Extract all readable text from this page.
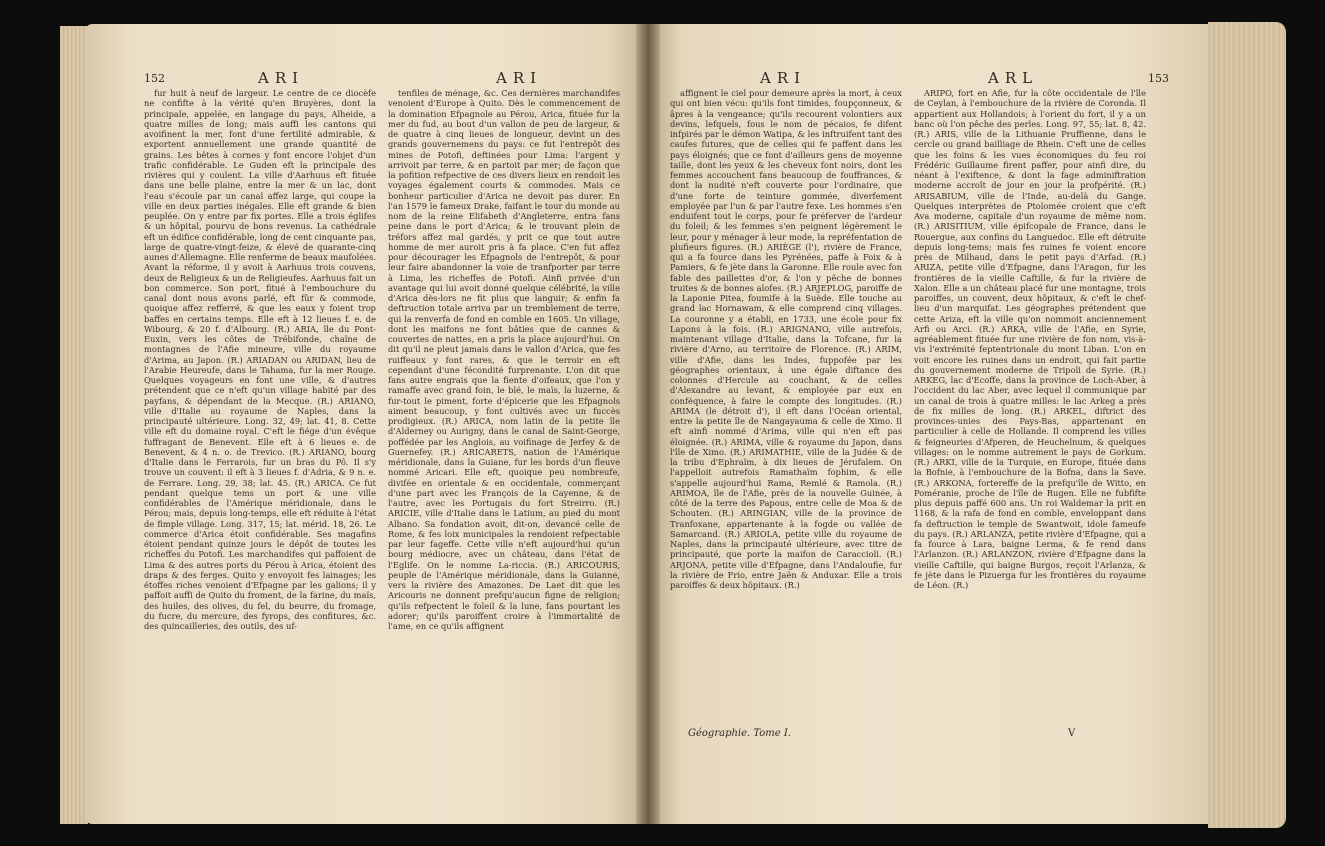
152	ARI	ARI

fur huit à neuf de largeur. Le centre de ce diocèfe ne confifte à la vérité qu'en Bruyères, dont la principale, appelée, en langage du pays, Alheide, a quatre milles de long; mais auffi les cantons qui avoifinent la mer, font d'une fertilité admirable, & exportent annuellement une grande quantité de grains. Les bêtes à cornes y font encore l'objet d'un trafic confidérable. Le Guden eft la principale des rivières qui y coulent. La ville d'Aarhuus eft fituée dans une belle plaine, entre la mer & un lac, dont l'eau s'écoule par un canal affez large, qui coupe la ville en deux parties inégales. Elle eft grande & bien peuplée. On y entre par fix portes. Elle a trois églifes & un hôpital, pourvu de bons revenus. La cathédrale eft un édifice confidérable, long de cent cinquante pas, large de quatre-vingt-feize, & élevé de quarante-cinq aunes d'Allemagne. Elle renferme de beaux maufolées. Avant la réforme, il y avoit à Aarhuus trois couvens, deux de Religieux & un de Religieufes. Aarhuus fait un bon commerce. Son port, fitué à l'embouchure du canal dont nous avons parlé, eft fûr & commode, quoique affez refferré, & que les eaux y foient trop baffes en certains temps. Elle eft à 12 lieues f. e. de Wibourg, & 20 f. d'Albourg. (R.) ARIA, île du Pont-Euxin, vers les côtes de Trébifonde, chaîne de montagnes de l'Afie mineure, ville du royaume d'Arima, au Japon. (R.) ARIADAN ou ARIDAN, lieu de l'Arabie Heureufe, dans le Tahama, fur la mer Rouge. Quelques voyageurs en font une ville, & d'autres prétendent que ce n'eft qu'un village habité par des payfans, & dépendant de la Mecque. (R.) ARIANO, ville d'Italie au royaume de Naples, dans la principauté ultérieure. Long. 32, 49; lat. 41, 8. Cette ville eft du domaine royal. C'eft le fiége d'un évêque fuffragant de Benevent. Elle eft à 6 lieues e. de Benevent, & 4 n. o. de Trevico. (R.) ARIANO, bourg d'Italie dans le Ferrarois, fur un bras du Pô. Il s'y trouve un couvent: il eft à 3 lieues f. d'Adria, & 9 n. e. de Ferrare. Long. 29, 38; lat. 45. (R.) ARICA. Ce fut pendant quelque tems un port & une ville confidérables de l'Amérique méridionale, dans le Pérou; mais, depuis long-temps, elle eft réduite à l'état de fimple village. Long. 317, 15; lat. mérid. 18, 26. Le commerce d'Arica étoit confidérable. Ses magafins étoient pendant quinze jours le dépôt de toutes les richeffes du Potofi. Les marchandifes qui paffoient de Lima & des autres ports du Pérou à Arica, étoient des draps & des ferges. Quito y envoyoit fes lainages; les étoffes riches venoient d'Efpagne par les galions; il y paffoit auffi de Quito du froment, de la farine, du maïs, des huiles, des olives, du fel, du beurre, du fromage, du fucre, du mercure, des fyrops, des confitures, &c. des quincailleries, des outils, des uf-

tenfiles de ménage, &c. Ces dernières marchandifes venoient d'Europe à Quito. Dès le commencement de la domination Efpagnole au Pérou, Arica, fituée fur la mer du fud, au bout d'un vallon de peu de largeur, & de quatre à cinq lieues de longueur, devint un des grands gouvernemens du pays: ce fut l'entrepôt des mines de Potofi, deftinées pour Lima: l'argent y arrivoit par terre, & en partoit par mer; de façon que la pofition refpective de ces divers lieux en rendoit les voyages également courts & commodes. Mais ce bonheur particulier d'Arica ne devoit pas durer. En l'an 1579 le fameux Drake, faifant le tour du monde au nom de la reine Elifabeth d'Angleterre, entra fans peine dans le port d'Arica; & le trouvant plein de tréfors affez mal gardés, y prit ce que tout autre homme de mer auroit pris à fa place. C'en fut affez pour décourager les Efpagnols de l'entrepôt, & pour leur faire abandonner la voie de tranfporter par terre à Lima, les richeffes de Potofi. Ainfi privée d'un avantage qui lui avoit donné quelque célébrité, la ville d'Arica dès-lors ne fit plus que languir; & enfin fa deftruction totale arriva par un tremblement de terre, qui la renverfa de fond en comble en 1605. Un village, dont les maifons ne font bâties que de cannes & couvertes de nattes, en a pris la place aujourd'hui. On dit qu'il ne pleut jamais dans le vallon d'Arica, que fes ruiffeaux y font rares, & que le terroir en eft cependant d'une fécondité furprenante. L'on dit que fans autre engrais que la fiente d'oifeaux, que l'on y ramaffe avec grand foin, le blé, le maïs, la luzerne, & fur-tout le piment, forte d'épicerie que les Efpagnols aiment beaucoup, y font cultivés avec un fuccès prodigieux. (R.) ARICA, nom latin de la petite île d'Alderney ou Aurigny, dans le canal de Saint-George, poffédée par les Anglois, au voifinage de Jerfey & de Guernefey. (R.) ARICARETS, nation de l'Amérique méridionale, dans la Guiane, fur les bords d'un fleuve nommé Aricari. Elle eft, quoique peu nombreufe, divifée en orientale & en occidentale, commerçant d'une part avec les François de la Cayenne, & de l'autre, avec les Portugais du fort Streirro. (R.) ARICIE, ville d'Italie dans le Latium, au pied du mont Albano. Sa fondation avoit, dit-on, devancé celle de Rome, & fes loix municipales la rendoient refpectable par leur fageffe. Cette ville n'eft aujourd'hui qu'un bourg médiocre, avec un château, dans l'état de l'Eglife. On le nomme La-riccia. (R.) ARICOURIS, peuple de l'Amérique méridionale, dans la Guianne, vers la rivière des Amazones. De Laet dit que les Aricouris ne donnent prefqu'aucun figne de religion; qu'ils refpectent le foleil & la lune, fans pourtant les adorer; qu'ils paroiffent croire à l'immortalité de l'ame, en ce qu'ils affignent

ARI	ARL	153

affignent le ciel pour demeure après la mort, à ceux qui ont bien vécu: qu'ils font timides, foupçonneux, & âpres à la vengeance; qu'ils recourent volontiers aux devins, lefquels, fous le nom de pécaios, fe difent infpirés par le démon Watipa, & les inftruifent tant des caufes futures, que de celles qui fe paffent dans les pays éloignés; que ce font d'ailleurs gens de moyenne taille, dont les yeux & les cheveux font noirs, dont les femmes accouchent fans beaucoup de fouffrances, & dont la nudité n'eft couverte pour l'ordinaire, que d'une forte de teinture gommée, diverfement employée par l'un & par l'autre fexe. Les hommes s'en enduifent tout le corps, pour fe préferver de l'ardeur du foleil; & les femmes s'en peignent légèrement le leur, pour y ménager à leur mode, la repréfentation de plufieurs figures. (R.) ARIÈGE (l'), rivière de France, qui a fa fource dans les Pyrénées, paffe à Foix & à Pamiers, & fe jète dans la Garonne. Elle roule avec fon fable des paillettes d'or, & l'on y pêche de bonnes truites & de bonnes alofes. (R.) ARJEPLOG, paroiffe de la Laponie Pitea, foumife à la Suède. Elle touche au grand lac Hornawam, & elle comprend cinq villages. La couronne y a établi, en 1733, une école pour fix Lapons à la fois. (R.) ARIGNANO, ville autrefois, maintenant village d'Italie, dans la Tofcane, fur la rivière d'Arno, au territoire de Florence. (R.) ARIM, ville d'Afie, dans les Indes, fuppofée par les géographes orientaux, à une égale diftance des colonnes d'Hercule au couchant, & de celles d'Alexandre au levant, & employée par eux en conféquence, à faire le compte des longitudes. (R.) ARIMA (le détroit d'), il eft dans l'Océan oriental, entre la petite île de Nangayauma & celle de Ximo. Il eft ainfi nommé d'Arima, ville qui n'en eft pas éloignée. (R.) ARIMA, ville & royaume du Japon, dans l'île de Ximo. (R.) ARIMATHIE, ville de la Judée & de la tribu d'Ephraïm, à dix lieues de Jérufalem. On l'appelloit autrefois Ramathaïm fophim, & elle s'appelle aujourd'hui Rama, Remlé & Ramola. (R.) ARIMOA, île de l'Afie, près de la nouvelle Guinée, à côté de la terre des Papous, entre celle de Moa & de Schouten. (R.) ARINGIAN, ville de la province de Tranfoxane, appartenante à la fogde ou vallée de Samarcand. (R.) ARIOLA, petite ville du royaume de Naples, dans la principauté ultérieure, avec titre de principauté, que porte la maifon de Caraccioli. (R.) ARJONA, petite ville d'Efpagne, dans l'Andaloufie, fur la rivière de Frio, entre Jaën & Anduxar. Elle a trois paroiffes & deux hôpitaux. (R.)

ARIPO, fort en Afie, fur la côte occidentale de l'île de Ceylan, à l'embouchure de la rivière de Coronda. Il appartient aux Hollandois; à l'orient du fort, il y a un banc où l'on pêche des perles. Long. 97, 55; lat. 8, 42. (R.) ARIS, ville de la Lithuanie Pruffienne, dans le cercle ou grand bailliage de Rhein. C'eft une de celles que les foins & les vues économiques du feu roi Frédéric Guillaume firent paffer, pour ainfi dire, du néant à l'exiftence, & dont la fage adminiftration moderne accroît de jour en jour la profpérité. (R.) ARISABIUM, ville de l'Inde, au-delà du Gange. Quelques interprètes de Ptolomée croient que c'eft Ava moderne, capitale d'un royaume de même nom. (R.) ARISITIUM, ville épifcopale de France, dans le Rouergue, aux confins du Languedoc. Elle eft détruite depuis long-tems; mais fes ruines fe voient encore près de Milhaud, dans le petit pays d'Arfad. (R.) ARIZA, petite ville d'Efpagne, dans l'Aragon, fur les frontières de la vieille Caftille, & fur la rivière de Xalon. Elle a un château placé fur une montagne, trois paroiffes, un couvent, deux hôpitaux, & c'eft le chef-lieu d'un marquifat. Les géographes prétendent que cette Ariza, eft la ville qu'on nommoit anciennement Arfi ou Arci. (R.) ARKA, ville de l'Afie, en Syrie, agréablement fituée fur une rivière de fon nom, vis-à-vis l'extrémité feptentrionale du mont Liban. L'on en voit encore les ruines dans un endroit, qui fait partie du gouvernement moderne de Tripoli de Syrie. (R.) ARKEG, lac d'Ecoffe, dans la province de Loch-Aber, à l'occident du lac Aber, avec lequel il communique par un canal de trois à quatre milles: le lac Arkeg a près de fix milles de long. (R.) ARKEL, diftrict des provinces-unies des Pays-Bas, appartenant en particulier à celle de Hollande. Il comprend les villes & feigneuries d'Afperen, de Heuchelnum, & quelques villages: on le nomme autrement le pays de Gorkum. (R.) ARKI, ville de la Turquie, en Europe, fituée dans la Bofnie, à l'embouchure de la Bofna, dans la Save. (R.) ARKONA, fortereffe de la prefqu'île de Witto, en Poméranie, proche de l'île de Rugen. Elle ne fubfifte plus depuis paffé 600 ans. Un roi Waldemar la prit en 1168, & la rafa de fond en comble, enveloppant dans fa deftruction le temple de Swantwoit, idole fameufe du pays. (R.) ARLANZA, petite rivière d'Efpagne, qui a fa fource à Lara, baigne Lerma, & fe rend dans l'Arlanzon. (R.) ARLANZON, rivière d'Efpagne dans la vieille Caftille, qui baigne Burgos, reçoit l'Arlanza, & fe jète dans le Pizuerga fur les frontières du royaume de Léon. (R.)

Géographie. Tome I.	V
